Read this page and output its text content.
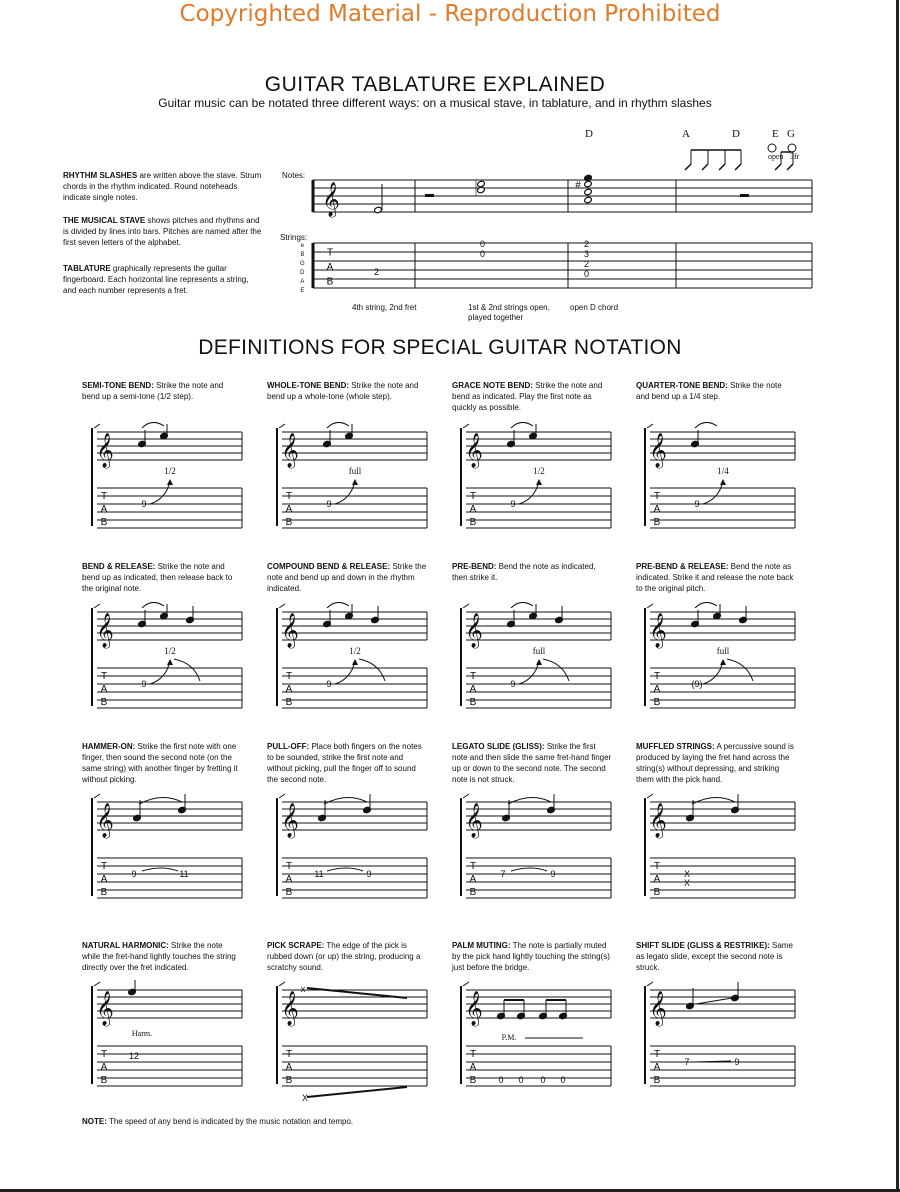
Copyrighted Material - Reproduction Prohibited
GUITAR TABLATURE EXPLAINED
Guitar music can be notated three different ways: on a musical stave, in tablature, and in rhythm slashes
RHYTHM SLASHES are written above the stave. Strum chords in the rhythm indicated. Round noteheads indicate single notes.
THE MUSICAL STAVE shows pitches and rhythms and is divided by lines into bars. Pitches are named after the first seven letters of the alphabet.
TABLATURE graphically represents the guitar fingerboard. Each horizontal line represents a string, and each number represents a fret.
Notes:
Strings:
D	A	D	E G
open 3fr
e
B
G
D
A
E
2
0
0
2
3
2
0
4th string, 2nd fret	1st & 2nd strings open, played together
open D chord
DEFINITIONS FOR SPECIAL GUITAR NOTATION
SEMI-TONE BEND: Strike the note and bend up a semi-tone (1/2 step).
WHOLE-TONE BEND: Strike the note and bend up a whole-tone (whole step).
GRACE NOTE BEND: Strike the note and bend as indicated. Play the first note as quickly as possible.
QUARTER-TONE BEND: Strike the note and bend up a 1/4 step.
BEND & RELEASE: Strike the note and bend up as indicated, then release back to the original note.
COMPOUND BEND & RELEASE: Strike the note and bend up and down in the rhythm indicated.
PRE-BEND: Bend the note as indicated, then strike it.
PRE-BEND & RELEASE: Bend the note as indicated. Strike it and release the note back to the original pitch.
HAMMER-ON: Strike the first note with one finger, then sound the second note (on the same string) with another finger by fretting it without picking.
PULL-OFF: Place both fingers on the notes to be sounded, strike the first note and without picking, pull the finger off to sound the second note.
LEGATO SLIDE (GLISS): Strike the first note and then slide the same fret-hand finger up or down to the second note. The second note is not struck.
MUFFLED STRINGS: A percussive sound is produced by laying the fret hand across the string(s) without depressing, and striking them with the pick hand.
NATURAL HARMONIC: Strike the note while the fret-hand lightly touches the string directly over the fret indicated.
PICK SCRAPE: The edge of the pick is rubbed down (or up) the string, producing a scratchy sound.
PALM MUTING: The note is partially muted by the pick hand lightly touching the string(s) just before the bridge.
SHIFT SLIDE (GLISS & RESTRIKE): Same as legato slide, except the second note is struck.
NOTE: The speed of any bend is indicated by the music notation and tempo.
𝄞	#
T
A
B
𝄞
T
A
B
9
1/2
𝄞
T
A
B
9
full
𝄞
T
A
B
9
1/2
𝄞
T
A
B
9
1/4
𝄞
T
A
B
9
1/2
𝄞
T
A
B
9
1/2
𝄞
T
A
B
9
full
𝄞
T
A
B
(9)
full
𝄞
T
A
B
9	11
𝄞
T
A
B
11	9
𝄞
T
A
B
7	9
𝄞
T
A
B
X
X
𝄞
T
A
B
Harm.
12
𝄞
T
A
B
x
X
𝄞
T
A
B
P.M.
0 0 0 0
𝄞
T
A
B
7	9
